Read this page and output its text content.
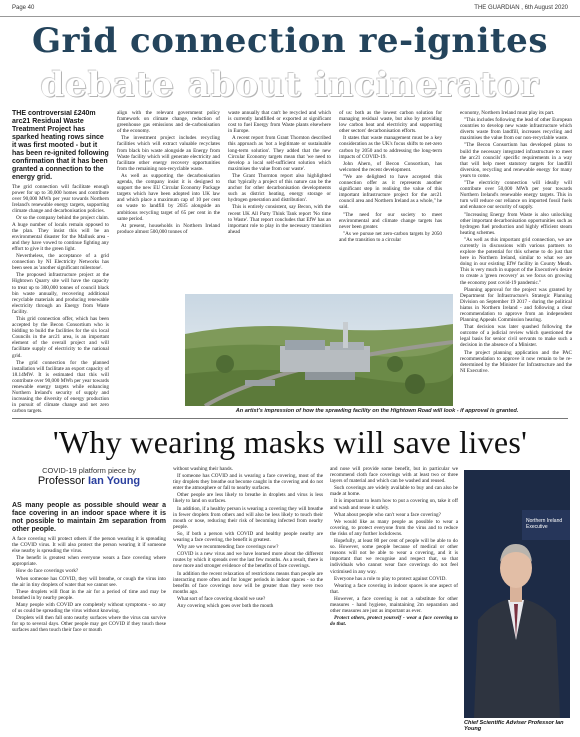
Page 40	THE GUARDIAN , 6th August 2020
Grid connection re-ignites
debate about incinerator
THE controversial £240m arc21 Residual Waste Treatment Project has sparked heating rows since it was first mooted - but it has been re-ignited following confirmation that it has been granted a connection to the energy grid.

The grid connection will facilitate enough power for up to 30,000 homes and contribute over 90,000 MWh per year towards Northern Ireland's renewable energy targets, supporting climate change and decarbonisation policies.

Or so the company behind the project claim. A huge number of locals remain opposed to the plan. They insist this will be an environmental disaster for the Mallusk area - and they have vowed to continue fighting any effort to give it the green light.

Nevertheless, the acceptance of a grid connection by NI Electricity Networks has been seen as 'another significant milestone'.

The proposed infrastructure project at the Hightown Quarry site will have the capacity to treat up to 300,000 tonnes of council black bin waste annually, recovering additional recyclable materials and producing renewable electricity through an Energy from Waste facility.

This grid connection offer, which has been accepted by the Becon Consortium who is bidding to build the facilities for the six local Councils in the arc21 area, is an important element of the overall project and will facilitate supply of electricity to the national grid.

The grid connection for the planned installation will facilitate an export capacity of 18.14MW. It is estimated that this will contribute over 90,000 MWh per year towards renewable energy targets while enhancing Northern Ireland's security of supply and increasing the diversity of energy production in pursuit of climate change and net zero carbon targets.

align with the relevant government policy framework on climate change, reduction of greenhouse gas emissions and de-carbonisation of the economy.

The investment project includes recycling facilities which will extract valuable recyclates from black bin waste alongside an Energy from Waste facility which will generate electricity and facilitate other energy recovery opportunities from the remaining non-recyclable waste.

As well as supporting the decarbonisation agenda, the company insist it is designed to support the new EU Circular Economy Package targets which have been adopted into UK law and which place a maximum cap of 10 per cent on waste to landfill by 2035 alongside an ambitious recycling target of 65 per cent in the same period.

At present, households in Northern Ireland produce almost 500,000 tonnes of

waste annually that can't be recycled and which is currently landfilled or exported at significant cost to fuel Energy from Waste plants elsewhere in Europe.

A recent report from Grant Thornton described this approach as 'not a legitimate or sustainable long-term solution'. They added that the new Circular Economy targets mean that 'we need to develop a local self-sufficient solution which maximises the value from our waste'.

The Grant Thornton report also highlighted that 'typically a project of this nature can be the anchor for other decarbonisation developments such as district heating, energy storage or hydrogen generation and distribution'.

This is entirely consistent, say Becon, with the recent UK All Party Think Tank report 'No time to Waste'. That report concludes that EfW has an important role to play in the necessary transition ahead

of us: both as the lowest carbon solution for managing residual waste, but also by providing low carbon heat and electricity and supporting other sectors' decarbonisation efforts.

It states that waste management must be a key consideration as the UK's focus shifts to net-zero carbon by 2050 and to addressing the long-term impacts of COVID-19.

John Ahern, of Becon Consortium, has welcomed the recent development.

"We are delighted to have accepted this connection offer as it represents another significant step in realising the value of this important infrastructure project for the arc21 council area and Northern Ireland as a whole," he said.

"The need for our society to meet environmental and climate change targets has never been greater.

"As we pursue net zero-carbon targets by 2050 and the transition to a circular

economy, Northern Ireland must play its part.

"This includes following the lead of other European countries to develop new waste infrastructure which diverts waste from landfill, increases recycling and maximises the value from our non-recyclable waste.

"The Becon Consortium has developed plans to build the necessary integrated infrastructure to meet the arc21 councils' specific requirements in a way that will help meet statutory targets for landfill diversion, recycling and renewable energy for many years to come.

"The electricity connection will ideally will contribute over 50,000 MWh per year towards Northern Ireland's renewable energy targets. This in turn will reduce our reliance on imported fossil fuels and enhance our security of supply.

"Increasing Energy from Waste is also unlocking other important decarbonisation opportunities such as hydrogen fuel production and highly efficient steam heating schemes.

"As well as this important grid connection, we are currently in discussions with various partners to explore the potential for this scheme to do just that here in Northern Ireland, similar to what we are doing in our existing EfW facility in County Meath. This is very much in support of the Executive's desire to create a 'green recovery' as we focus on growing the economy post covid-19 pandemic."

Planning approval for the project was granted by Department for Infrastructure's Strategic Planning Division on September 19 2017 - during the political hiatus in Northern Ireland - and following a clear recommendation to approve from an independent Planning Appeals Commission hearing.

That decision was later quashed following the outcome of a judicial review which questioned the legal basis for senior civil servants to make such a decision in the absence of a Minister.

The project planning application and the PAC recommendation to approve it now remain to be re-determined by the Minister for Infrastructure and the NI Executive.

An artist's impression of how the sprawling facility on the Hightown Road will look - if approval is granted.
'Why wearing masks will save lives'
COVID-19 platform piece by
Professor Ian Young
AS many people as possible should wear a face covering in an indoor space where it is not possible to maintain 2m separation from other people.

A face covering will protect others if the person wearing it is spreading the COVID virus. It will also protect the person wearing it if someone else nearby is spreading the virus.

The benefit is greatest when everyone wears a face covering where appropriate.

How do face coverings work?

When someone has COVID, they will breathe, or cough the virus into the air in tiny droplets of water that we cannot see.

These droplets will float in the air for a period of time and may be breathed in by nearby people.

Many people with COVID are completely without symptoms - so any of us could be spreading the virus without knowing.

Droplets will then fall onto nearby surfaces where the virus can survive for up to several days. Other people may get COVID if they touch these surfaces and then touch their face or mouth

without washing their hands.

If someone has COVID and is wearing a face covering, most of the tiny droplets they breathe out become caught in the covering and do not enter the atmosphere or fall to nearby surfaces.

Other people are less likely to breathe in droplets and virus is less likely to land on surfaces.

In addition, if a healthy person is wearing a covering they will breathe in fewer droplets from others and will also be less likely to touch their mouth or nose, reducing their risk of becoming infected from nearby people.

So, if both a person with COVID and healthy people nearby are wearing a face covering, the benefit is greatest.

Why are we recommending face coverings now?

COVID is a new virus and we have learned more about the different routes by which it spreads over the last few months. As a result, there is now more and stronger evidence of the benefits of face coverings.

In addition the recent relaxation of restrictions means than people are interacting more often and for longer periods in indoor spaces - so the benefits of face coverings now will be greater than they were two months ago.

What sort of face covering should we use?

Any covering which goes over both the mouth

and nose will provide some benefit, but in particular we recommend cloth face coverings with at least two or three layers of material and which can be washed and reused.

Such coverings are widely available to buy and can also be made at home.

It is important to learn how to put a covering on, take it off and wash and reuse it safely.

What about people who can't wear a face covering?

We would like as many people as possible to wear a covering, to protect everyone from the virus and to reduce the risks of any further lockdowns.

Hopefully, at least 80 per cent of people will be able to do so. However, some people because of medical or other reasons will not be able to wear a covering, and it is important that we recognise and respect that, so that individuals who cannot wear face coverings do not feel victimised in any way.

Everyone has a role to play to protect against COVID.

Wearing a face covering in indoor spaces is one aspect of that.

However, a face covering is not a substitute for other measures - hand hygiene, maintaining 2m separation and other measures are just as important as ever.

Protect others, protect yourself - wear a face covering to do that.

Northern Ireland Executive
Chief Scientific Adviser Professor Ian Young
